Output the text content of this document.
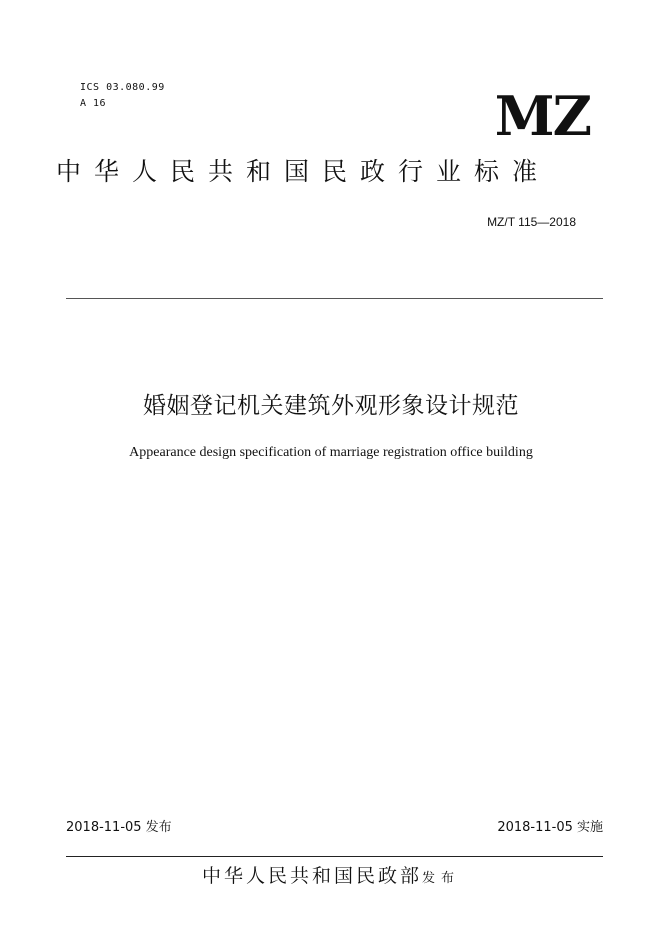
ICS 03.080.99
A 16	MZ
中华人民共和国民政行业标准
MZ/T 115—2018
婚姻登记机关建筑外观形象设计规范
Appearance design specification of marriage registration office building
2018-11-05 发布	2018-11-05 实施
中华人民共和国民政部发布
